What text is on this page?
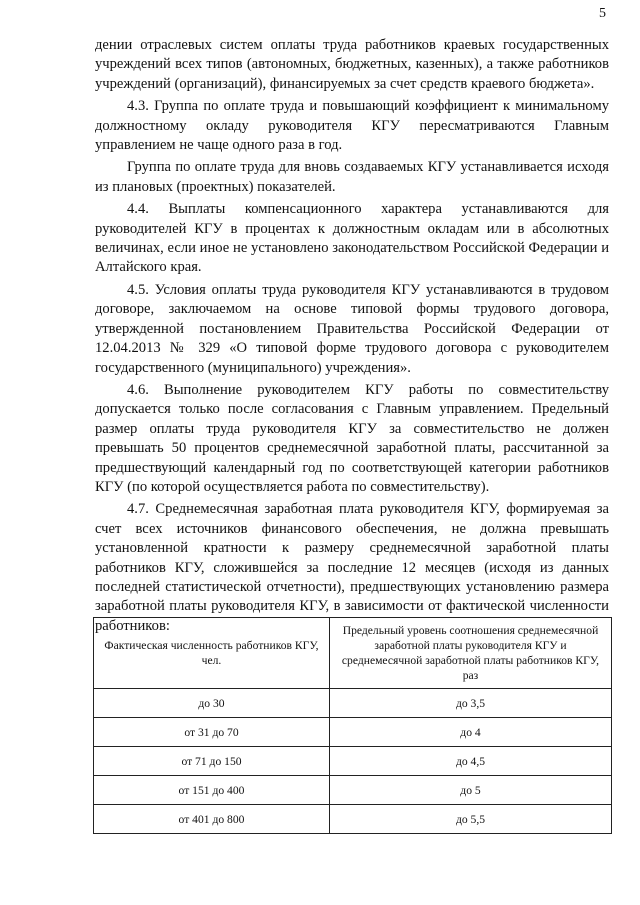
5

дении отраслевых систем оплаты труда работников краевых государственных учреждений всех типов (автономных, бюджетных, казенных), а также работников учреждений (организаций), финансируемых за счет средств краевого бюджета».

4.3. Группа по оплате труда и повышающий коэффициент к минимальному должностному окладу руководителя КГУ пересматриваются Главным управлением не чаще одного раза в год.

Группа по оплате труда для вновь создаваемых КГУ устанавливается исходя из плановых (проектных) показателей.

4.4. Выплаты компенсационного характера устанавливаются для руководителей КГУ в процентах к должностным окладам или в абсолютных величинах, если иное не установлено законодательством Российской Федерации и Алтайского края.

4.5. Условия оплаты труда руководителя КГУ устанавливаются в трудовом договоре, заключаемом на основе типовой формы трудового договора, утвержденной постановлением Правительства Российской Федерации от 12.04.2013 № 329 «О типовой форме трудового договора с руководителем государственного (муниципального) учреждения».

4.6. Выполнение руководителем КГУ работы по совместительству допускается только после согласования с Главным управлением. Предельный размер оплаты труда руководителя КГУ за совместительство не должен превышать 50 процентов среднемесячной заработной платы, рассчитанной за предшествующий календарный год по соответствующей категории работников КГУ (по которой осуществляется работа по совместительству).

4.7. Среднемесячная заработная плата руководителя КГУ, формируемая за счет всех источников финансового обеспечения, не должна превышать установленной кратности к размеру среднемесячной заработной платы работников КГУ, сложившейся за последние 12 месяцев (исходя из данных последней статистической отчетности), предшествующих установлению размера заработной платы руководителя КГУ, в зависимости от фактической численности работников:

Фактическая численность работников КГУ, чел.	Предельный уровень соотношения среднемесячной заработной платы руководителя КГУ и среднемесячной заработной платы работников КГУ, раз
до 30	до 3,5
от 31 до 70	до 4
от 71 до 150	до 4,5
от 151 до 400	до 5
от 401 до 800	до 5,5
